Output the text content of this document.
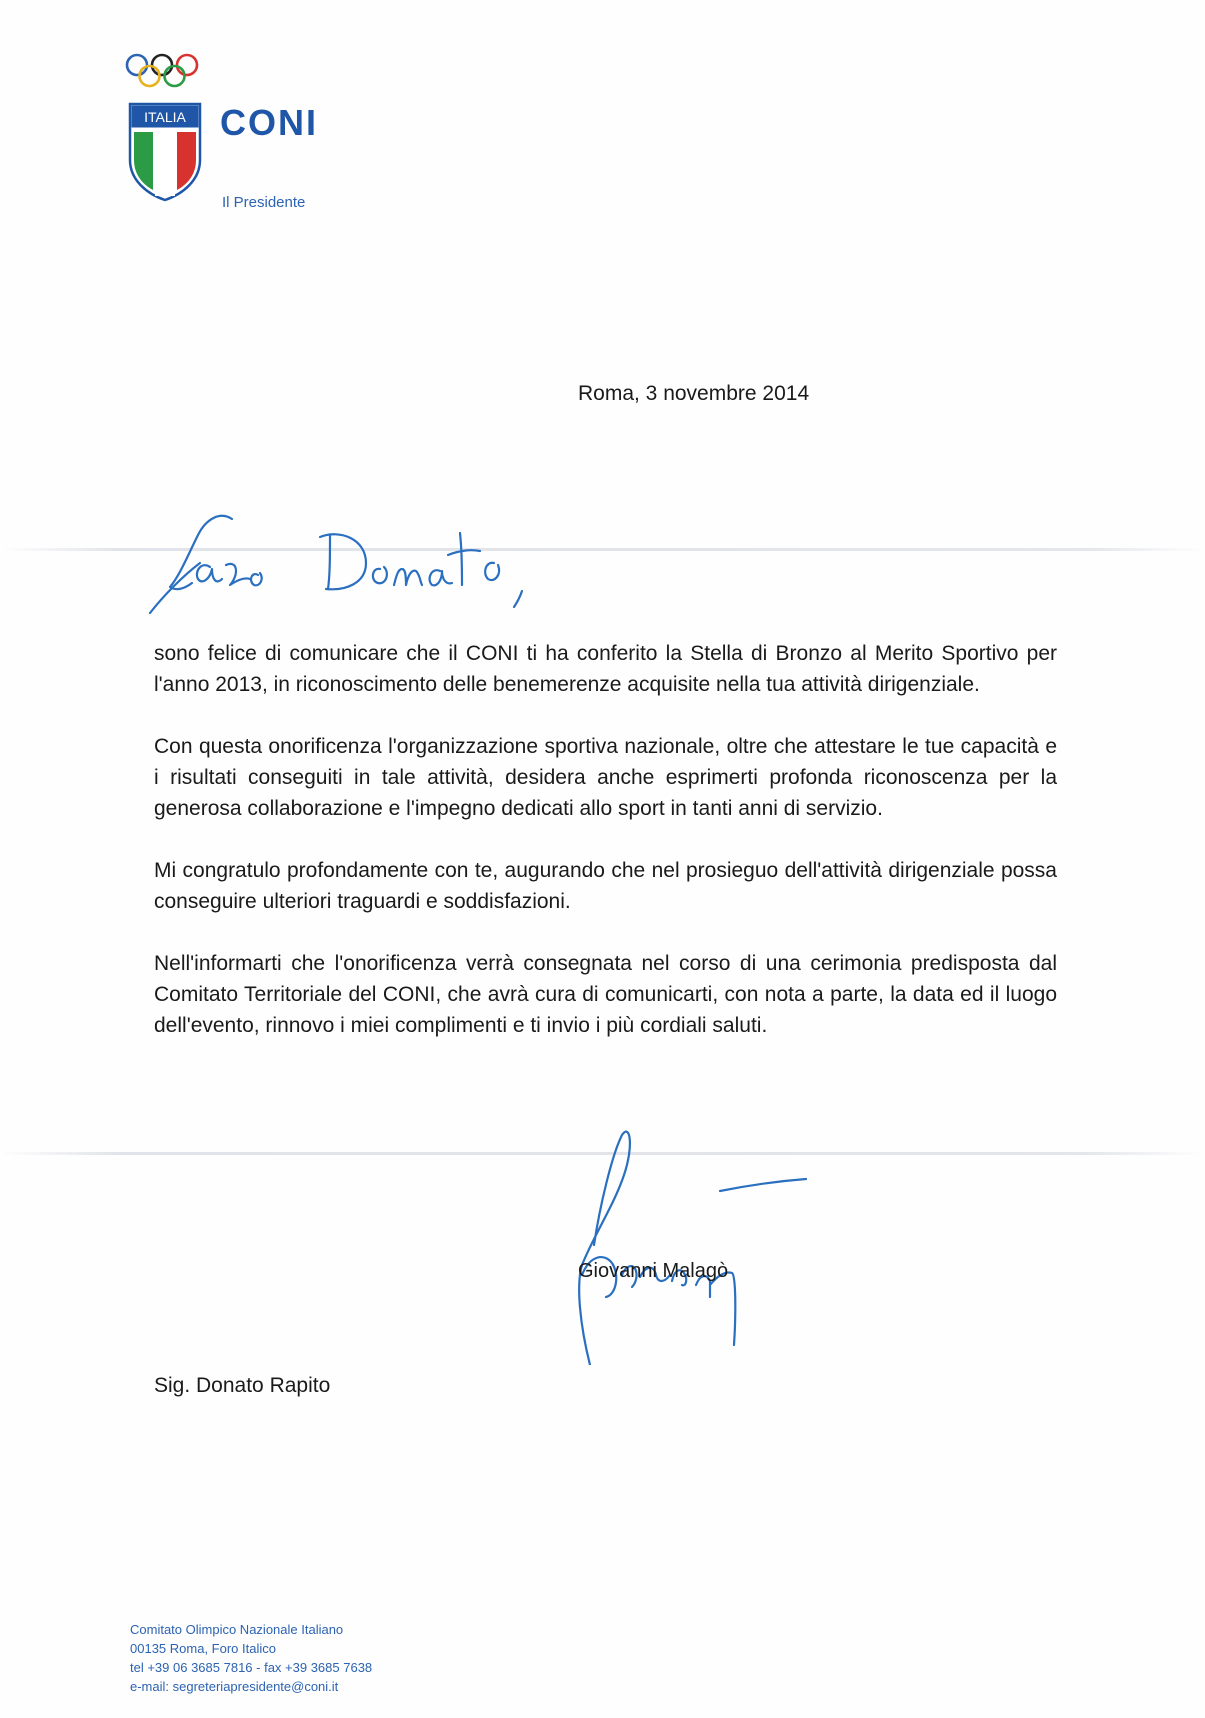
ITALIA CONI
Il Presidente
Roma, 3 novembre 2014

sono felice di comunicare che il CONI ti ha conferito la Stella di Bronzo al Merito Sportivo per l'anno 2013, in riconoscimento delle benemerenze acquisite nella tua attività dirigenziale.

Con questa onorificenza l'organizzazione sportiva nazionale, oltre che attestare le tue capacità e i risultati conseguiti in tale attività, desidera anche esprimerti profonda riconoscenza per la generosa collaborazione e l'impegno dedicati allo sport in tanti anni di servizio.

Mi congratulo profondamente con te, augurando che nel prosieguo dell'attività dirigenziale possa conseguire ulteriori traguardi e soddisfazioni.

Nell'informarti che l'onorificenza verrà consegnata nel corso di una cerimonia predisposta dal Comitato Territoriale del CONI, che avrà cura di comunicarti, con nota a parte, la data ed il luogo dell'evento, rinnovo i miei complimenti e ti invio i più cordiali saluti.

Giovanni Malagò
Sig. Donato Rapito
Comitato Olimpico Nazionale Italiano
00135 Roma, Foro Italico
tel +39 06 3685 7816 - fax +39 3685 7638
e-mail: segreteriapresidente@coni.it
